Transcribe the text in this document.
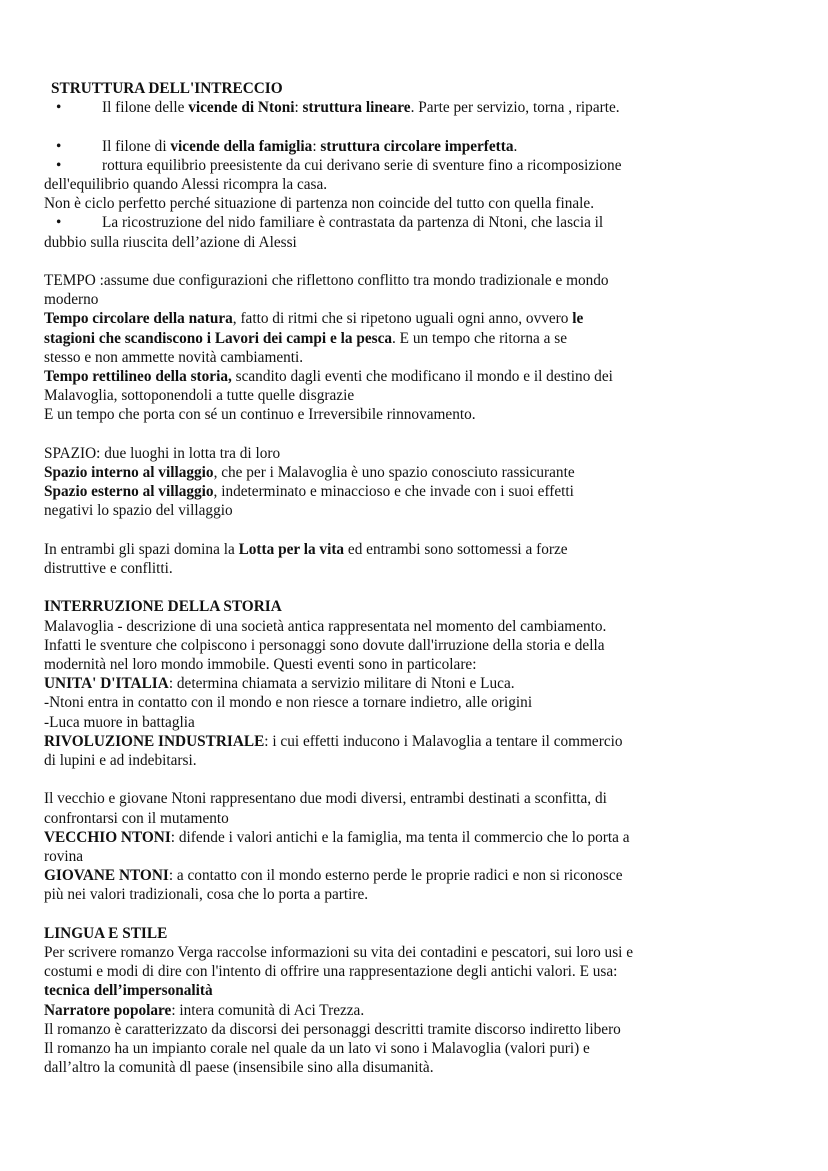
STRUTTURA DELL'INTRECCIO
•	Il filone delle vicende di Ntoni: struttura lineare. Parte per servizio, torna , riparte.
•	Il filone di vicende della famiglia: struttura circolare imperfetta.
•	rottura equilibrio preesistente da cui derivano serie di sventure fino a ricomposizione
dell'equilibrio quando Alessi ricompra la casa.
Non è ciclo perfetto perché situazione di partenza non coincide del tutto con quella finale.
•	La ricostruzione del nido familiare è contrastata da partenza di Ntoni, che lascia il
dubbio sulla riuscita dell’azione di Alessi
TEMPO :assume due configurazioni che riflettono conflitto tra mondo tradizionale e mondo
moderno
Tempo circolare della natura, fatto di ritmi che si ripetono uguali ogni anno, ovvero le
stagioni che scandiscono i Lavori dei campi e la pesca. E un tempo che ritorna a se
stesso e non ammette novità cambiamenti.
Tempo rettilineo della storia, scandito dagli eventi che modificano il mondo e il destino dei
Malavoglia, sottoponendoli a tutte quelle disgrazie
E un tempo che porta con sé un continuo e Irreversibile rinnovamento.
SPAZIO: due luoghi in lotta tra di loro
Spazio interno al villaggio, che per i Malavoglia è uno spazio conosciuto rassicurante
Spazio esterno al villaggio, indeterminato e minaccioso e che invade con i suoi effetti
negativi lo spazio del villaggio
In entrambi gli spazi domina la Lotta per la vita ed entrambi sono sottomessi a forze
distruttive e conflitti.
INTERRUZIONE DELLA STORIA
Malavoglia - descrizione di una società antica rappresentata nel momento del cambiamento.
Infatti le sventure che colpiscono i personaggi sono dovute dall'irruzione della storia e della
modernità nel loro mondo immobile. Questi eventi sono in particolare:
UNITA' D'ITALIA: determina chiamata a servizio militare di Ntoni e Luca.
-Ntoni entra in contatto con il mondo e non riesce a tornare indietro, alle origini
-Luca muore in battaglia
RIVOLUZIONE INDUSTRIALE: i cui effetti inducono i Malavoglia a tentare il commercio
di lupini e ad indebitarsi.
Il vecchio e giovane Ntoni rappresentano due modi diversi, entrambi destinati a sconfitta, di
confrontarsi con il mutamento
VECCHIO NTONI: difende i valori antichi e la famiglia, ma tenta il commercio che lo porta a
rovina
GIOVANE NTONI: a contatto con il mondo esterno perde le proprie radici e non si riconosce
più nei valori tradizionali, cosa che lo porta a partire.
LINGUA E STILE
Per scrivere romanzo Verga raccolse informazioni su vita dei contadini e pescatori, sui loro usi e
costumi e modi di dire con l'intento di offrire una rappresentazione degli antichi valori. E usa:
tecnica dell’impersonalità
Narratore popolare: intera comunità di Aci Trezza.
Il romanzo è caratterizzato da discorsi dei personaggi descritti tramite discorso indiretto libero
Il romanzo ha un impianto corale nel quale da un lato vi sono i Malavoglia (valori puri) e
dall’altro la comunità dl paese (insensibile sino alla disumanità.
